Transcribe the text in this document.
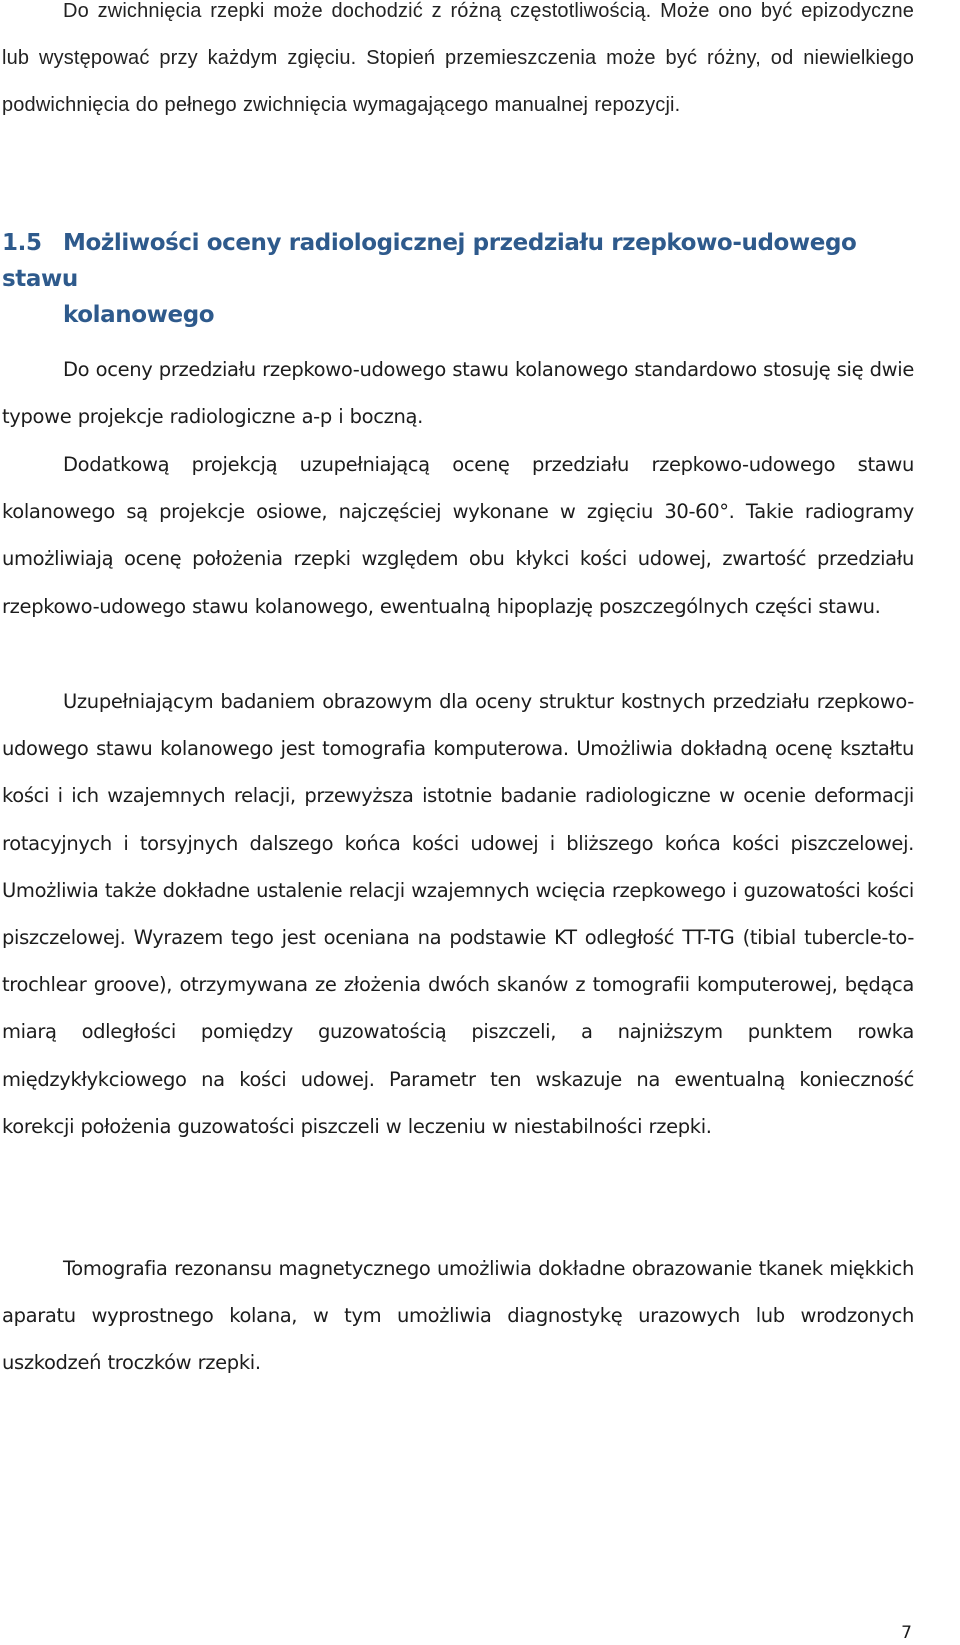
Do zwichnięcia rzepki może dochodzić z różną częstotliwością. Może ono być epizodyczne lub występować przy każdym zgięciu. Stopień przemieszczenia może być różny, od niewielkiego podwichnięcia do pełnego zwichnięcia wymagającego manualnej repozycji.

1.5 Możliwości oceny radiologicznej przedziału rzepkowo-udowego stawu
kolanowego

Do oceny przedziału rzepkowo-udowego stawu kolanowego standardowo stosuję się dwie typowe projekcje radiologiczne a-p i boczną.

Dodatkową projekcją uzupełniającą ocenę przedziału rzepkowo-udowego stawu kolanowego są projekcje osiowe, najczęściej wykonane w zgięciu 30-60°. Takie radiogramy umożliwiają ocenę położenia rzepki względem obu kłykci kości udowej, zwartość przedziału rzepkowo-udowego stawu kolanowego, ewentualną hipoplazję poszczególnych części stawu.

Uzupełniającym badaniem obrazowym dla oceny struktur kostnych przedziału rzepkowo-udowego stawu kolanowego jest tomografia komputerowa. Umożliwia dokładną ocenę kształtu kości i ich wzajemnych relacji, przewyższa istotnie badanie radiologiczne w ocenie deformacji rotacyjnych i torsyjnych dalszego końca kości udowej i bliższego końca kości piszczelowej. Umożliwia także dokładne ustalenie relacji wzajemnych wcięcia rzepkowego i guzowatości kości piszczelowej. Wyrazem tego jest oceniana na podstawie KT odległość TT-TG (tibial tubercle-to-trochlear groove), otrzymywana ze złożenia dwóch skanów z tomografii komputerowej, będąca miarą odległości pomiędzy guzowatością piszczeli, a najniższym punktem rowka międzykłykciowego na kości udowej. Parametr ten wskazuje na ewentualną konieczność korekcji położenia guzowatości piszczeli w leczeniu w niestabilności rzepki.

Tomografia rezonansu magnetycznego umożliwia dokładne obrazowanie tkanek miękkich aparatu wyprostnego kolana, w tym umożliwia diagnostykę urazowych lub wrodzonych uszkodzeń troczków rzepki.

7
